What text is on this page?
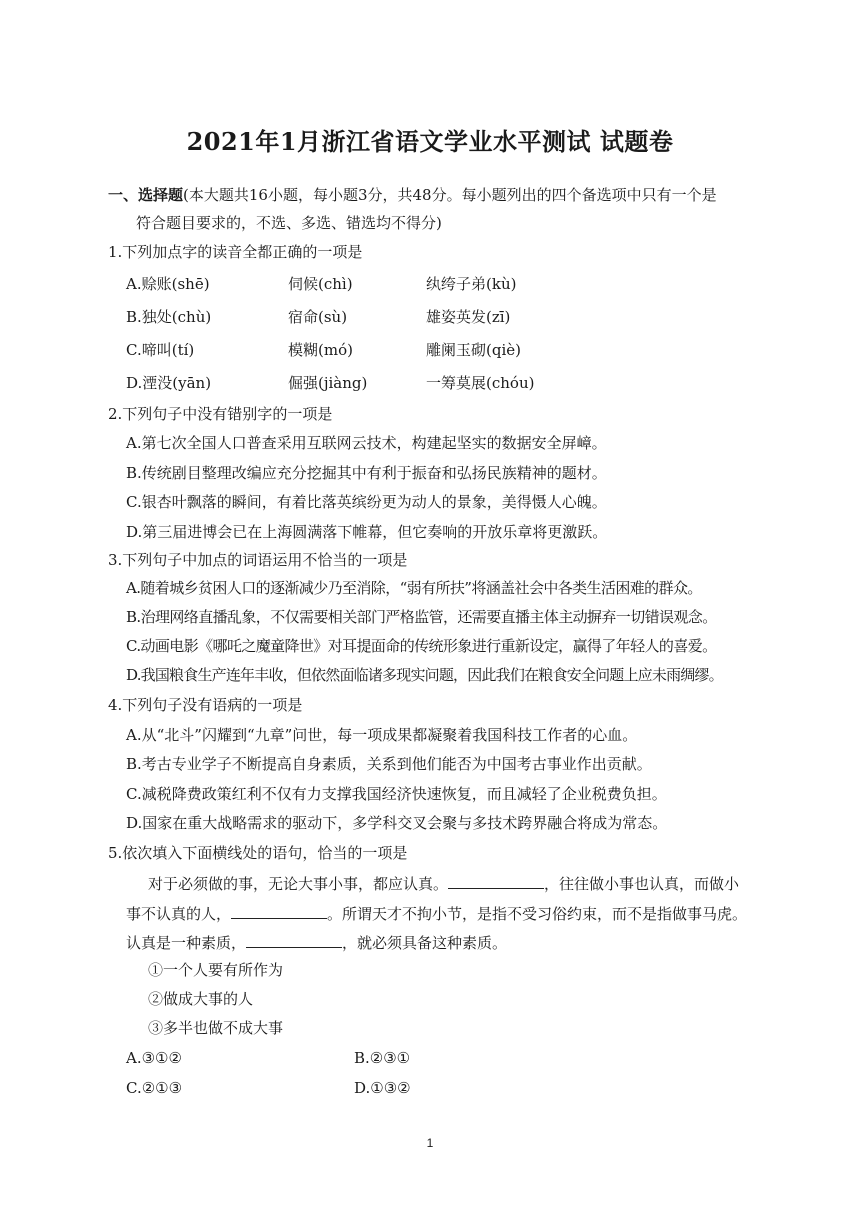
2021年1月浙江省语文学业水平测试 试题卷
一、选择题(本大题共16小题，每小题3分，共48分。每小题列出的四个备选项中只有一个是
符合题目要求的，不选、多选、错选均不得分)
1.下列加点字的读音全都正确的一项是
A.赊账(shē)	伺候(chì)	纨绔子弟(kù)
B.独处(chù)	宿命(sù)	雄姿英发(zī)
C.啼叫(tí)	模糊(mó)	雕阑玉砌(qiè)
D.湮没(yān)	倔强(jiàng)	一筹莫展(chóu)
2.下列句子中没有错别字的一项是
A.第七次全国人口普查采用互联网云技术，构建起坚实的数据安全屏嶂。
B.传统剧目整理改编应充分挖掘其中有利于振奋和弘扬民族精神的题材。
C.银杏叶飘落的瞬间，有着比落英缤纷更为动人的景象，美得慑人心魄。
D.第三届进博会已在上海圆满落下帷幕，但它奏响的开放乐章将更激跃。
3.下列句子中加点的词语运用不恰当的一项是
A.随着城乡贫困人口的逐渐减少乃至消除，“弱有所扶”将涵盖社会中各类生活困难的群众。
B.治理网络直播乱象，不仅需要相关部门严格监管，还需要直播主体主动摒弃一切错误观念。
C.动画电影《哪吒之魔童降世》对耳提面命的传统形象进行重新设定，赢得了年轻人的喜爱。
D.我国粮食生产连年丰收，但依然面临诸多现实问题，因此我们在粮食安全问题上应未雨绸缪。
4.下列句子没有语病的一项是
A.从“北斗”闪耀到“九章”问世，每一项成果都凝聚着我国科技工作者的心血。
B.考古专业学子不断提高自身素质，关系到他们能否为中国考古事业作出贡献。
C.减税降费政策红利不仅有力支撑我国经济快速恢复，而且减轻了企业税费负担。
D.国家在重大战略需求的驱动下，多学科交叉会聚与多技术跨界融合将成为常态。
5.依次填入下面横线处的语句，恰当的一项是
对于必须做的事，无论大事小事，都应认真。	，往往做小事也认真，而做小
事不认真的人，	。所谓天才不拘小节，是指不受习俗约束，而不是指做事马虎。
认真是一种素质，	，就必须具备这种素质。
①一个人要有所作为
②做成大事的人
③多半也做不成大事
A.③①②	B.②③①
C.②①③	D.①③②
1
